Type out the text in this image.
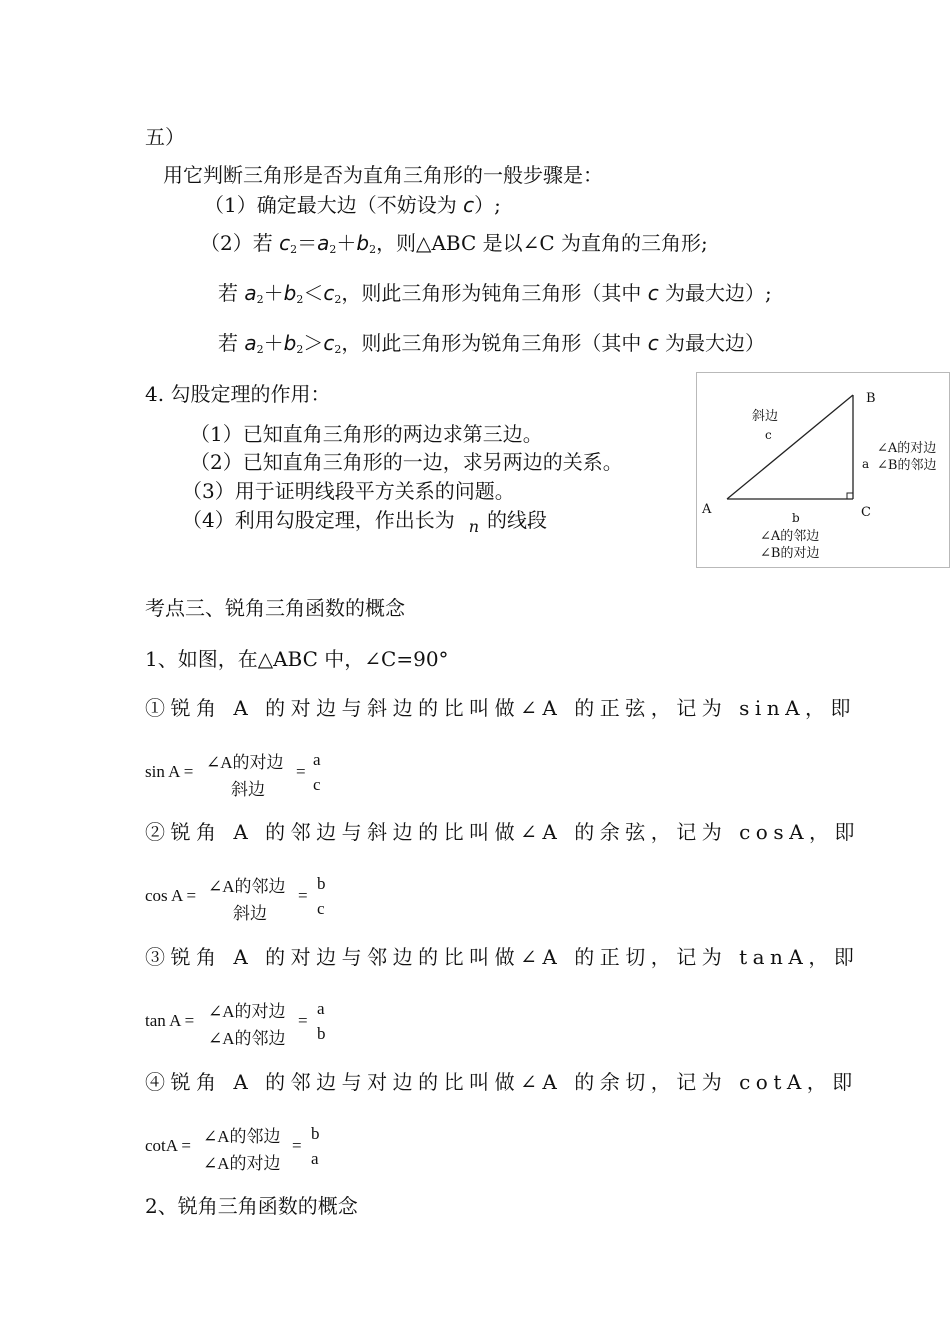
五）
用它判断三角形是否为直角三角形的一般步骤是：
（1）确定最大边（不妨设为 c）;
（2）若 $c_2=a_2+b_2$，则△ABC 是以∠C 为直角的三角形;
若 $a_2+b_2<c_2$，则此三角形为钝角三角形（其中 c 为最大边）;
若 $a_2+b_2>c_2$，则此三角形为锐角三角形（其中 c 为最大边）
4. 勾股定理的作用：
（1）已知直角三角形的两边求第三边。
（2）已知直角三角形的一边，求另两边的关系。
（3）用于证明线段平方关系的问题。
（4）利用勾股定理，作出长为 $_n$ 的线段	A
B
C
斜边
c
a
∠A的对边
∠B的邻边
b
∠A的邻边
∠B的对边
考点三、锐角三角函数的概念
1、如图，在△ABC 中，∠C=90°
①锐角 A 的对边与斜边的比叫做∠A 的正弦，记为 sinA，即
sin A = ∠A的对边
斜边
=
a
c
②锐角 A 的邻边与斜边的比叫做∠A 的余弦，记为 cosA，即
cos A = ∠A的邻边
斜边
=
b
c
③锐角 A 的对边与邻边的比叫做∠A 的正切，记为 tanA，即
tan A = ∠A的对边
∠A的邻边
=
a
b
④锐角 A 的邻边与对边的比叫做∠A 的余切，记为 cotA，即
cotA = ∠A的邻边
∠A的对边
=
b
a
2、锐角三角函数的概念
